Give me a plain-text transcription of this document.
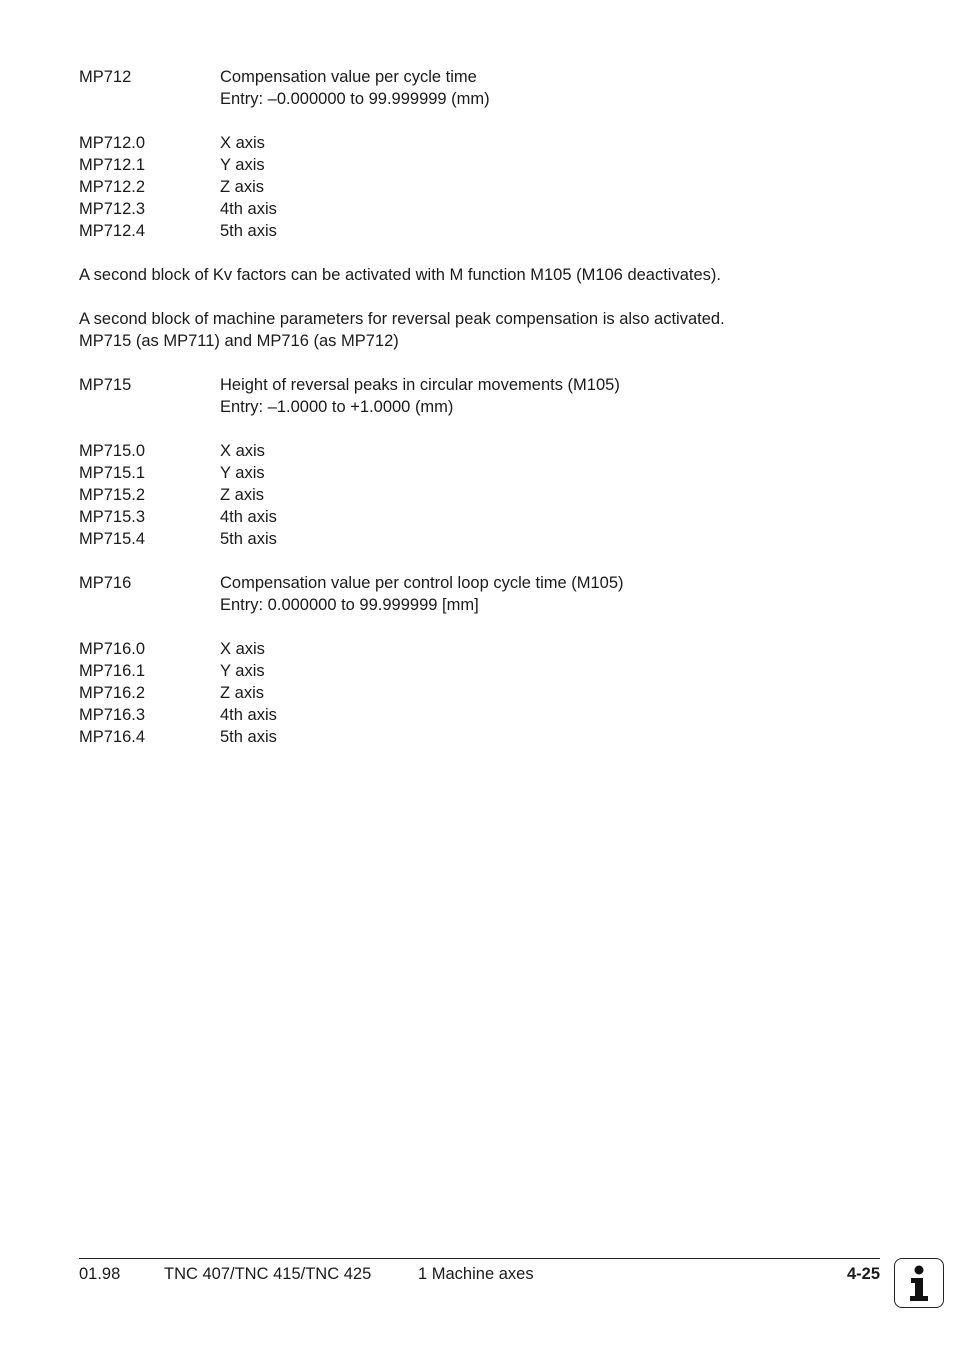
MP712	Compensation value per cycle time
Entry: –0.000000 to 99.999999 (mm)
MP712.0	X axis
MP712.1	Y axis
MP712.2	Z axis
MP712.3	4th axis
MP712.4	5th axis
A second block of Kv factors can be activated with M function M105 (M106 deactivates).
A second block of machine parameters for reversal peak compensation is also activated.
MP715 (as MP711) and MP716 (as MP712)
MP715	Height of reversal peaks in circular movements (M105)
Entry: –1.0000 to +1.0000 (mm)
MP715.0	X axis
MP715.1	Y axis
MP715.2	Z axis
MP715.3	4th axis
MP715.4	5th axis
MP716	Compensation value per control loop cycle time (M105)
Entry: 0.000000 to 99.999999 [mm]
MP716.0	X axis
MP716.1	Y axis
MP716.2	Z axis
MP716.3	4th axis
MP716.4	5th axis
01.98	TNC 407/TNC 415/TNC 425	1 Machine axes	4-25
